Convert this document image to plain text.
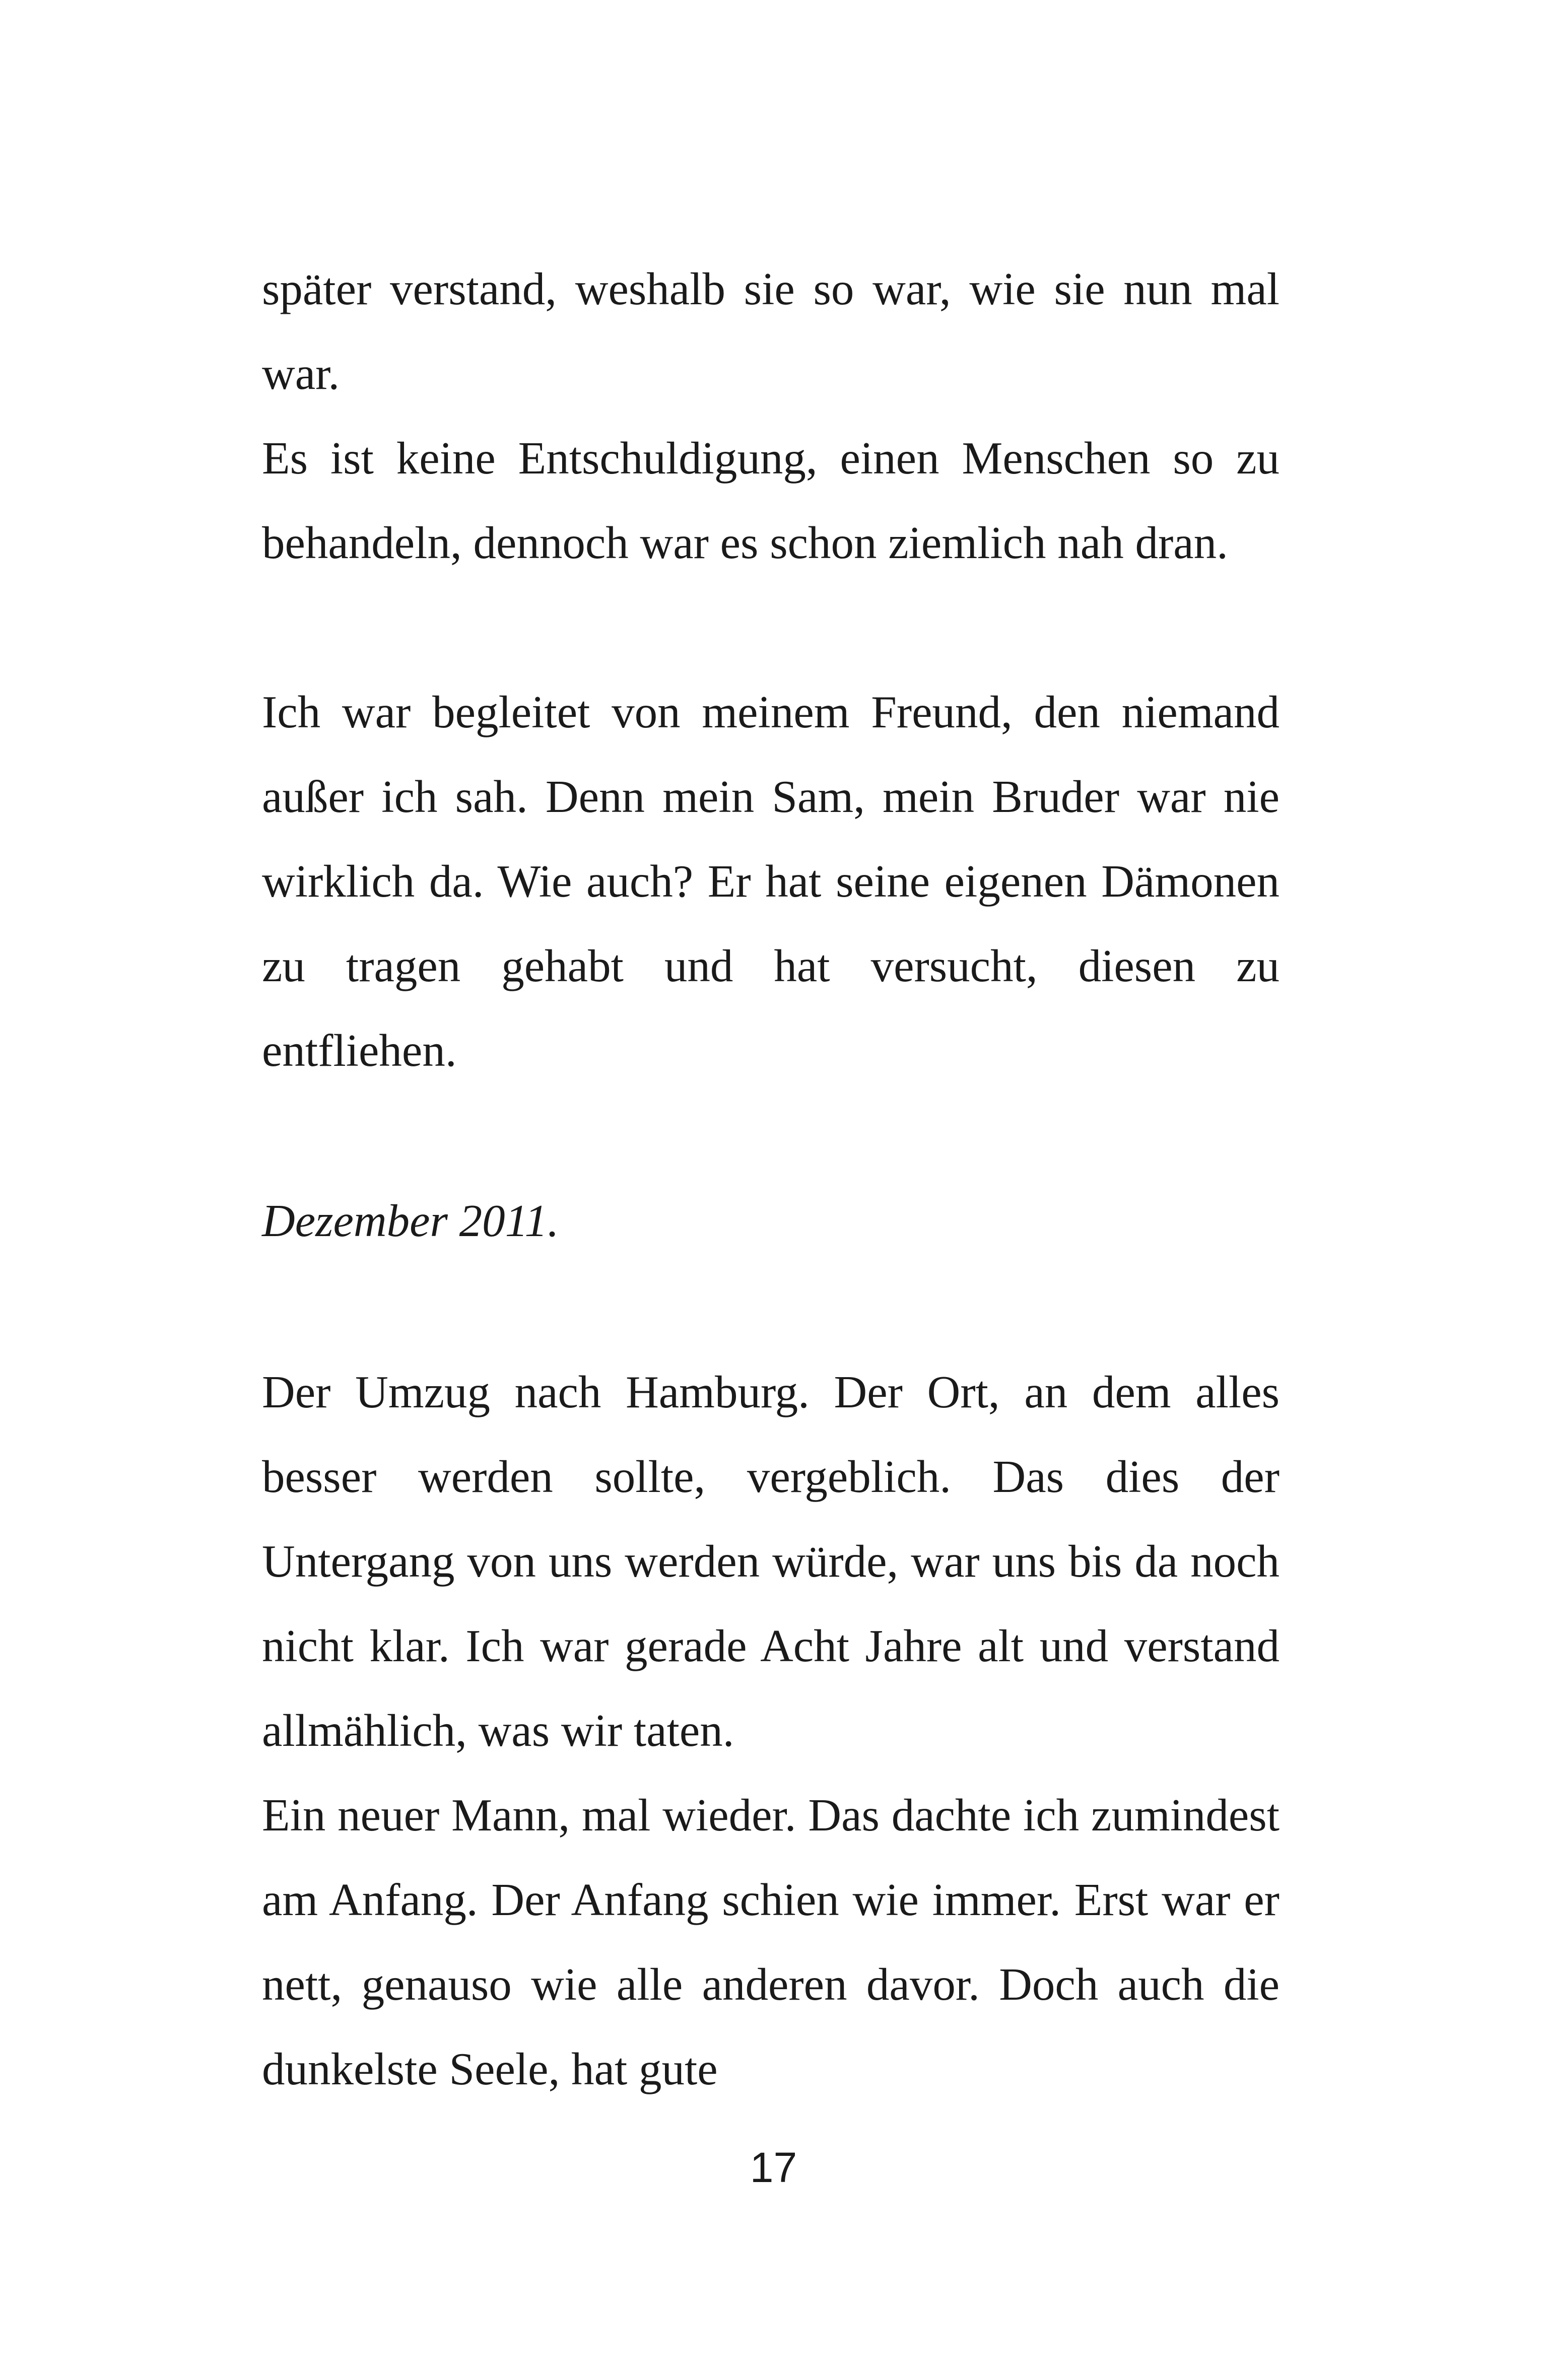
später verstand, weshalb sie so war, wie sie nun mal war.

Es ist keine Entschuldigung, einen Menschen so zu behandeln, dennoch war es schon ziemlich nah dran.

Ich war begleitet von meinem Freund, den niemand außer ich sah. Denn mein Sam, mein Bruder war nie wirklich da. Wie auch? Er hat seine eigenen Dämonen zu tragen gehabt und hat versucht, diesen zu entfliehen.

Dezember 2011.

Der Umzug nach Hamburg. Der Ort, an dem alles besser werden sollte, vergeblich. Das dies der Untergang von uns werden würde, war uns bis da noch nicht klar. Ich war gerade Acht Jahre alt und verstand allmählich, was wir taten.

Ein neuer Mann, mal wieder. Das dachte ich zumindest am Anfang. Der Anfang schien wie immer. Erst war er nett, genauso wie alle anderen davor. Doch auch die dunkelste Seele, hat gute

17
